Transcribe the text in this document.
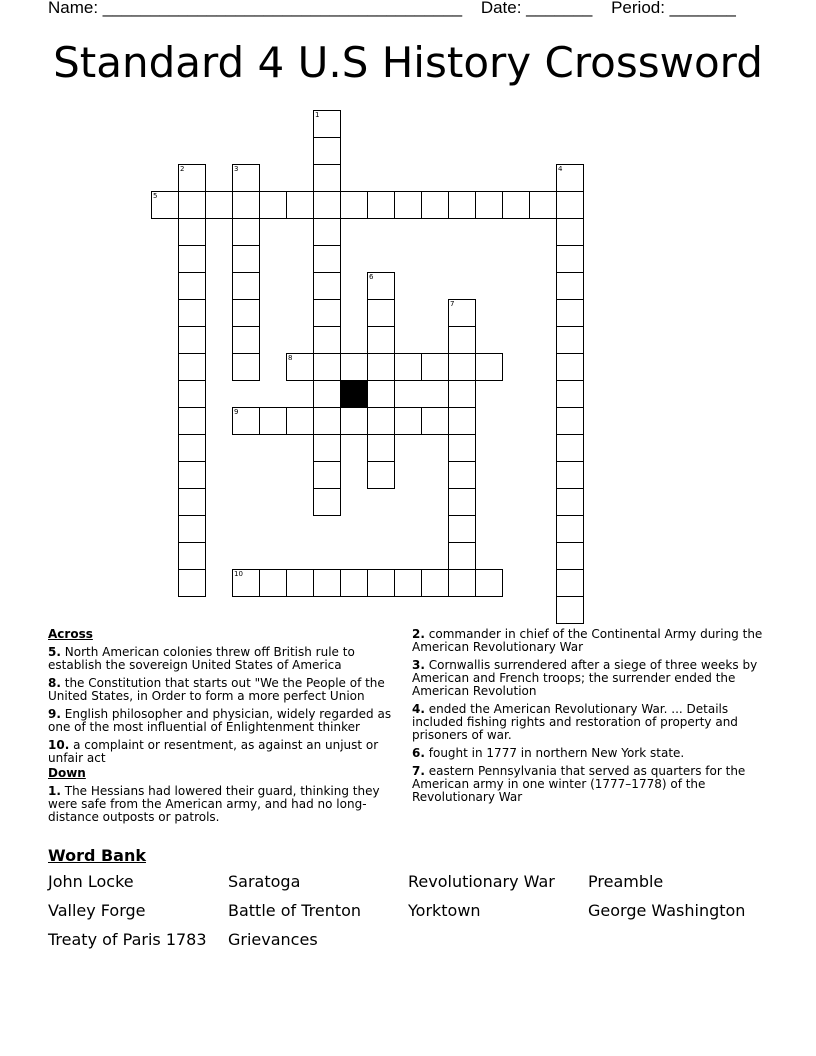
Name: ______________________________________ Date: _______ Period: _______
Standard 4 U.S History Crossword
1
2	3	4
5
6
7
8
9
10
Across
5. North American colonies threw off British rule to establish the sovereign United States of America
8. the Constitution that starts out "We the People of the United States, in Order to form a more perfect Union
9. English philosopher and physician, widely regarded as one of the most influential of Enlightenment thinker
10. a complaint or resentment, as against an unjust or unfair act
Down
1. The Hessians had lowered their guard, thinking they were safe from the American army, and had no long-distance outposts or patrols.
2. commander in chief of the Continental Army during the American Revolutionary War
3. Cornwallis surrendered after a siege of three weeks by American and French troops; the surrender ended the American Revolution
4. ended the American Revolutionary War. ... Details included fishing rights and restoration of property and prisoners of war.
6. fought in 1777 in northern New York state.
7. eastern Pennsylvania that served as quarters for the American army in one winter (1777–1778) of the Revolutionary War
Word Bank
John Locke	Saratoga	Revolutionary War	Preamble
Valley Forge	Battle of Trenton	Yorktown	George Washington
Treaty of Paris 1783	Grievances
